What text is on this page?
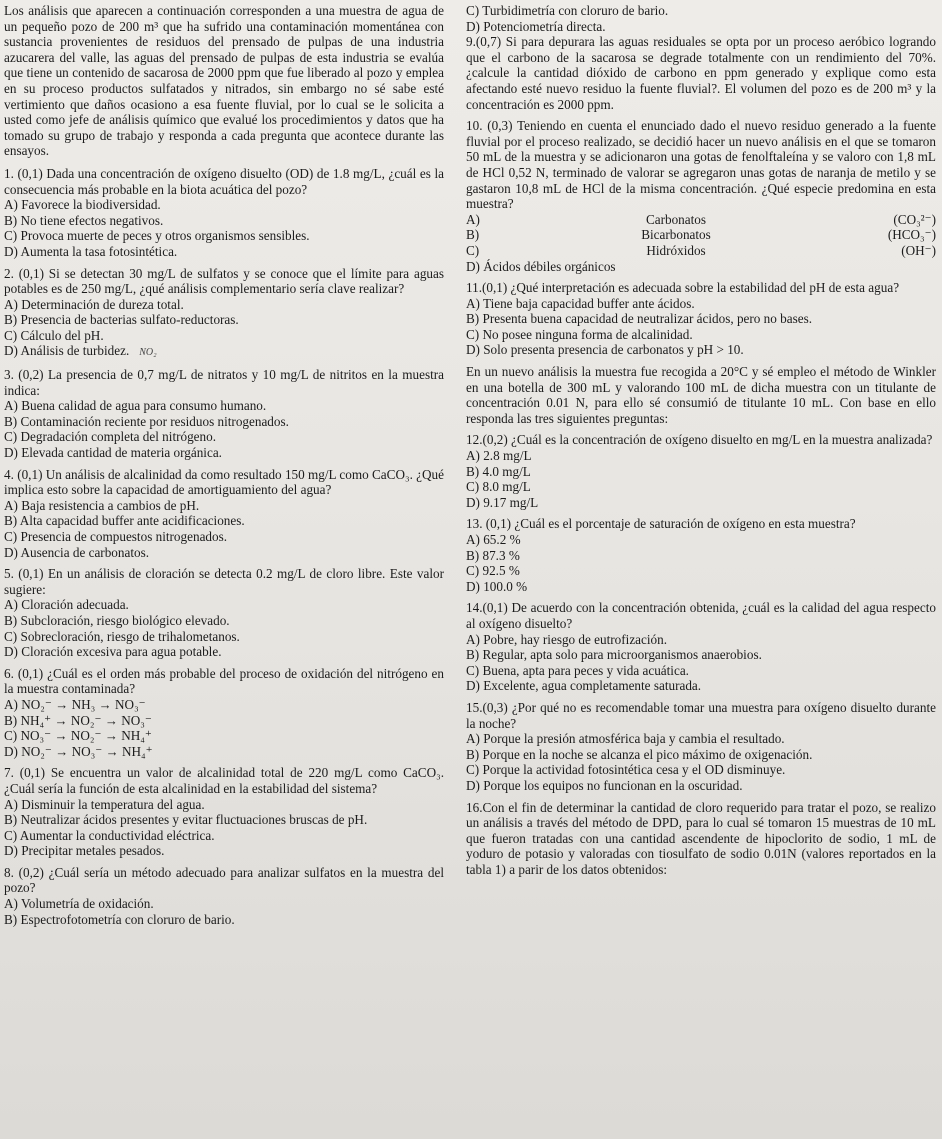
Los análisis que aparecen a continuación corresponden a una muestra de agua de un pequeño pozo de 200 m³ que ha sufrido una contaminación momentánea con sustancia provenientes de residuos del prensado de pulpas de una industria azucarera del valle, las aguas del prensado de pulpas de esta industria se evalúa que tiene un contenido de sacarosa de 2000 ppm que fue liberado al pozo y emplea en su proceso productos sulfatados y nitrados, sin embargo no sé sabe esté vertimiento que daños ocasiono a esa fuente fluvial, por lo cual se le solicita a usted como jefe de análisis químico que evalué los procedimientos y datos que ha tomado su grupo de trabajo y responda a cada pregunta que acontece durante las ensayos.

1. (0,1) Dada una concentración de oxígeno disuelto (OD) de 1.8 mg/L, ¿cuál es la consecuencia más probable en la biota acuática del pozo?

A) Favorece la biodiversidad.

B) No tiene efectos negativos.

C) Provoca muerte de peces y otros organismos sensibles.

D) Aumenta la tasa fotosintética.

2. (0,1) Si se detectan 30 mg/L de sulfatos y se conoce que el límite para aguas potables es de 250 mg/L, ¿qué análisis complementario sería clave realizar?

A) Determinación de dureza total.

B) Presencia de bacterias sulfato-reductoras.

C) Cálculo del pH.

D) Análisis de turbidez. NO₂

3. (0,2) La presencia de 0,7 mg/L de nitratos y 10 mg/L de nitritos en la muestra indica:

A) Buena calidad de agua para consumo humano.

B) Contaminación reciente por residuos nitrogenados.

C) Degradación completa del nitrógeno.

D) Elevada cantidad de materia orgánica.

4. (0,1) Un análisis de alcalinidad da como resultado 150 mg/L como CaCO₃. ¿Qué implica esto sobre la capacidad de amortiguamiento del agua?

A) Baja resistencia a cambios de pH.

B) Alta capacidad buffer ante acidificaciones.

C) Presencia de compuestos nitrogenados.

D) Ausencia de carbonatos.

5. (0,1) En un análisis de cloración se detecta 0.2 mg/L de cloro libre. Este valor sugiere:

A) Cloración adecuada.

B) Subcloración, riesgo biológico elevado.

C) Sobrecloración, riesgo de trihalometanos.

D) Cloración excesiva para agua potable.

6. (0,1) ¿Cuál es el orden más probable del proceso de oxidación del nitrógeno en la muestra contaminada?

A) NO₂⁻ → NH₃ → NO₃⁻

B) NH₄⁺ → NO₂⁻ → NO₃⁻

C) NO₃⁻ → NO₂⁻ → NH₄⁺

D) NO₂⁻ → NO₃⁻ → NH₄⁺

7. (0,1) Se encuentra un valor de alcalinidad total de 220 mg/L como CaCO₃. ¿Cuál sería la función de esta alcalinidad en la estabilidad del sistema?

A) Disminuir la temperatura del agua.

B) Neutralizar ácidos presentes y evitar fluctuaciones bruscas de pH.

C) Aumentar la conductividad eléctrica.

D) Precipitar metales pesados.

8. (0,2) ¿Cuál sería un método adecuado para analizar sulfatos en la muestra del pozo?

A) Volumetría de oxidación.

B) Espectrofotometría con cloruro de bario.

C) Turbidimetría con cloruro de bario.

D) Potenciometría directa.

9.(0,7) Si para depurara las aguas residuales se opta por un proceso aeróbico logrando que el carbono de la sacarosa se degrade totalmente con un rendimiento del 70%. ¿calcule la cantidad dióxido de carbono en ppm generado y explique como esta afectando esté nuevo residuo la fuente fluvial?. El volumen del pozo es de 200 m³ y la concentración es 2000 ppm.

10. (0,3) Teniendo en cuenta el enunciado dado el nuevo residuo generado a la fuente fluvial por el proceso realizado, se decidió hacer un nuevo análisis en el que se tomaron 50 mL de la muestra y se adicionaron una gotas de fenolftaleína y se valoro con 1,8 mL de HCl 0,52 N, terminado de valorar se agregaron unas gotas de naranja de metilo y se gastaron 10,8 mL de HCl de la misma concentración. ¿Qué especie predomina en esta muestra?

A)	Carbonatos	(CO₃²⁻)
B)	Bicarbonatos	(HCO₃⁻)
C)	Hidróxidos	(OH⁻)

D) Ácidos débiles orgánicos

11.(0,1) ¿Qué interpretación es adecuada sobre la estabilidad del pH de esta agua?

A) Tiene baja capacidad buffer ante ácidos.

B) Presenta buena capacidad de neutralizar ácidos, pero no bases.

C) No posee ninguna forma de alcalinidad.

D) Solo presenta presencia de carbonatos y pH > 10.

En un nuevo análisis la muestra fue recogida a 20°C y sé empleo el método de Winkler en una botella de 300 mL y valorando 100 mL de dicha muestra con un titulante de concentración 0.01 N, para ello sé consumió de titulante 10 mL. Con base en ello responda las tres siguientes preguntas:

12.(0,2) ¿Cuál es la concentración de oxígeno disuelto en mg/L en la muestra analizada?

A) 2.8 mg/L

B) 4.0 mg/L

C) 8.0 mg/L

D) 9.17 mg/L

13. (0,1) ¿Cuál es el porcentaje de saturación de oxígeno en esta muestra?

A) 65.2 %

B) 87.3 %

C) 92.5 %

D) 100.0 %

14.(0,1) De acuerdo con la concentración obtenida, ¿cuál es la calidad del agua respecto al oxígeno disuelto?

A) Pobre, hay riesgo de eutrofización.

B) Regular, apta solo para microorganismos anaerobios.

C) Buena, apta para peces y vida acuática.

D) Excelente, agua completamente saturada.

15.(0,3) ¿Por qué no es recomendable tomar una muestra para oxígeno disuelto durante la noche?

A) Porque la presión atmosférica baja y cambia el resultado.

B) Porque en la noche se alcanza el pico máximo de oxigenación.

C) Porque la actividad fotosintética cesa y el OD disminuye.

D) Porque los equipos no funcionan en la oscuridad.

16.Con el fin de determinar la cantidad de cloro requerido para tratar el pozo, se realizo un análisis a través del método de DPD, para lo cual sé tomaron 15 muestras de 10 mL que fueron tratadas con una cantidad ascendente de hipoclorito de sodio, 1 mL de yoduro de potasio y valoradas con tiosulfato de sodio 0.01N (valores reportados en la tabla 1) a parir de los datos obtenidos:
